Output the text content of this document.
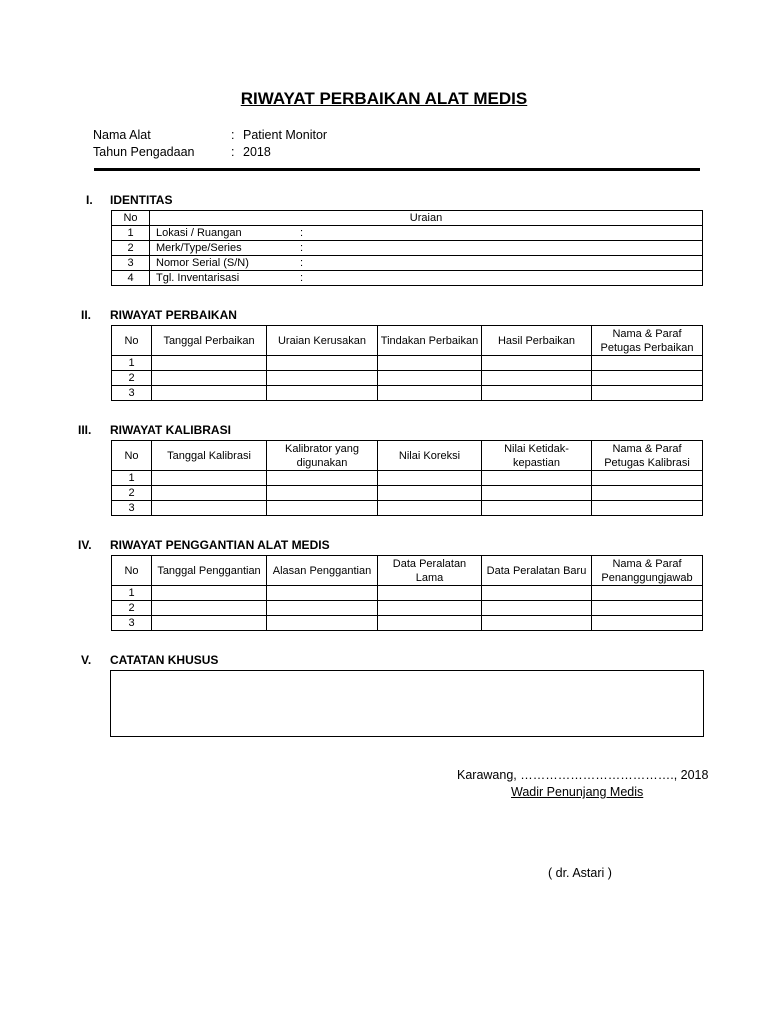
RIWAYAT PERBAIKAN ALAT MEDIS
Nama Alat	: Patient Monitor
Tahun Pengadaan	: 2018
I. IDENTITAS
No	Uraian
1	Lokasi / Ruangan :
2	Merk/Type/Series :
3	Nomor Serial (S/N) :
4	Tgl. Inventarisasi :
II. RIWAYAT PERBAIKAN
No	Tanggal Perbaikan	Uraian Kerusakan	Tindakan Perbaikan	Hasil Perbaikan	Nama & Paraf Petugas Perbaikan
1					
2					
3					
III. RIWAYAT KALIBRASI
No	Tanggal Kalibrasi	Kalibrator yang digunakan	Nilai Koreksi	Nilai Ketidak-kepastian	Nama & Paraf Petugas Kalibrasi
1					
2					
3					
IV. RIWAYAT PENGGANTIAN ALAT MEDIS
No	Tanggal Penggantian	Alasan Penggantian	Data Peralatan Lama	Data Peralatan Baru	Nama & Paraf Penanggungjawab
1					
2					
3					
V. CATATAN KHUSUS
Karawang, ………………………………., 2018
Wadir Penunjang Medis
( dr. Astari )
